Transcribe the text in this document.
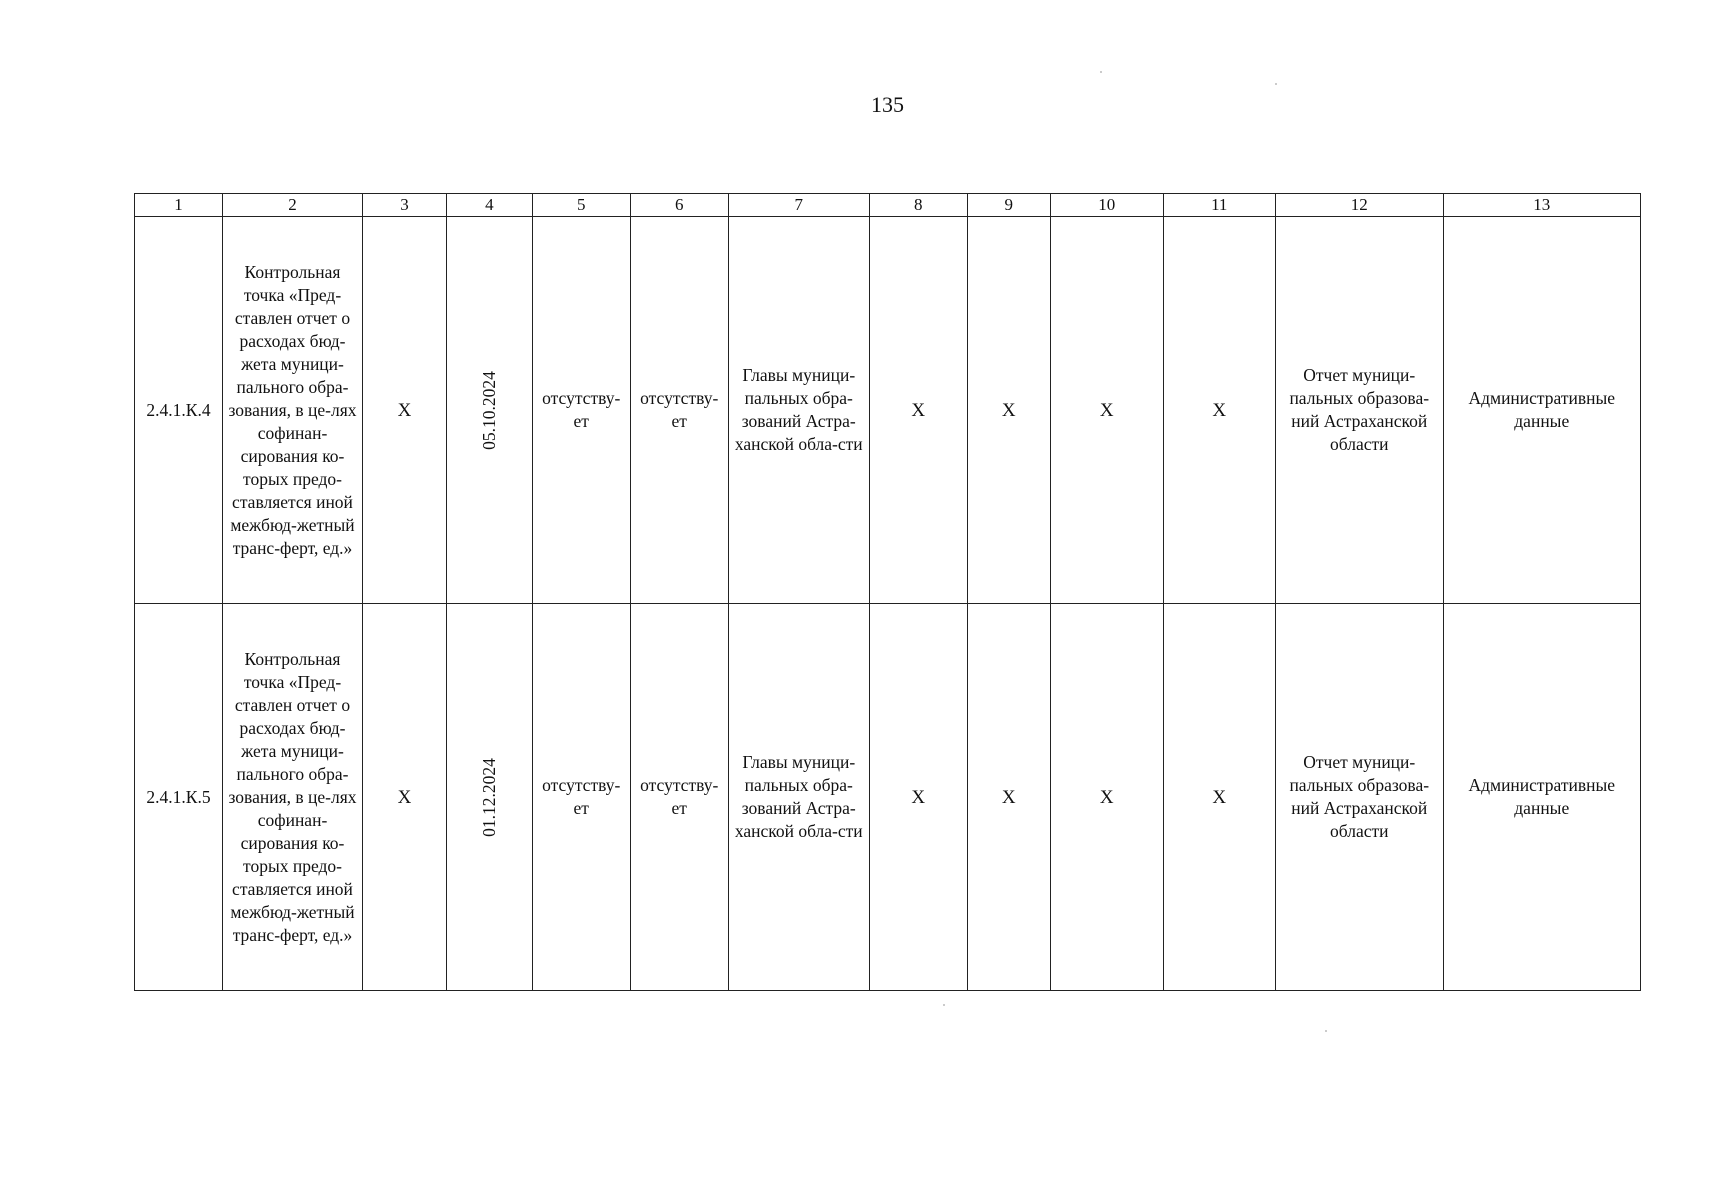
135
1	2	3	4	5	6	7	8	9	10	11	12	13
2.4.1.К.4	Контрольная точка «Пред-ставлен отчет о расходах бюд-жета муници-пального обра-зования, в це-лях софинан-сирования ко-торых предо-ставляется иной межбюд-жетный транс-ферт, ед.»	Х	05.10.2024	отсутству-ет	отсутству-ет	Главы муници-пальных обра-зований Астра-ханской обла-сти	Х	Х	Х	Х	Отчет муници-пальных образова-ний Астраханской области	Административные данные
2.4.1.К.5	Контрольная точка «Пред-ставлен отчет о расходах бюд-жета муници-пального обра-зования, в це-лях софинан-сирования ко-торых предо-ставляется иной межбюд-жетный транс-ферт, ед.»	Х	01.12.2024	отсутству-ет	отсутству-ет	Главы муници-пальных обра-зований Астра-ханской обла-сти	Х	Х	Х	Х	Отчет муници-пальных образова-ний Астраханской области	Административные данные
